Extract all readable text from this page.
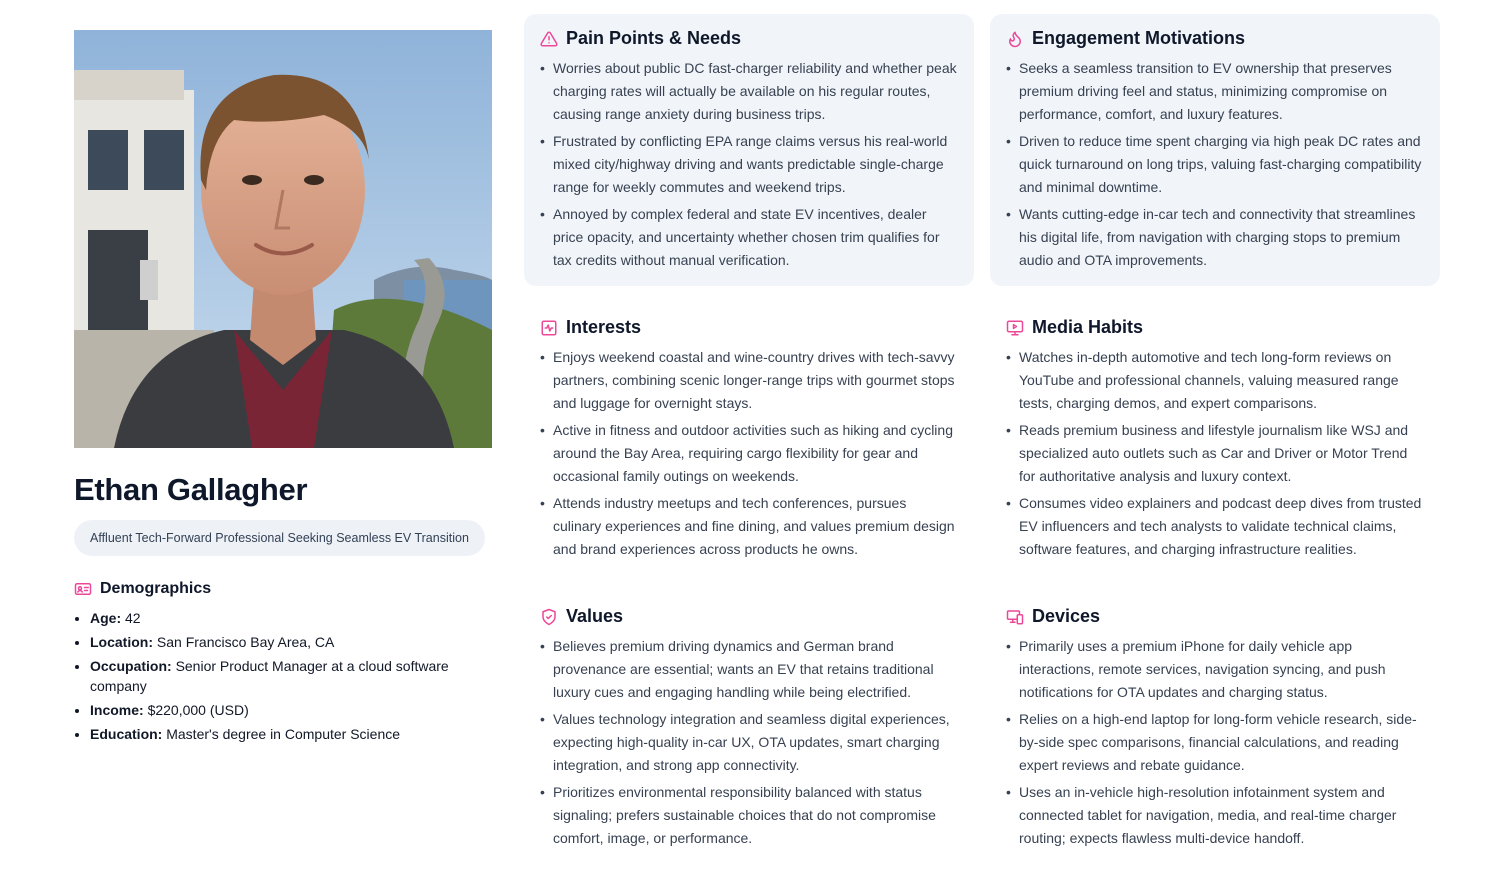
Ethan Gallagher
Affluent Tech-Forward Professional Seeking Seamless EV Transition
Demographics
• Age: 42
• Location: San Francisco Bay Area, CA
• Occupation: Senior Product Manager at a cloud software company
• Income: $220,000 (USD)
• Education: Master's degree in Computer Science
Pain Points & Needs
• Worries about public DC fast-charger reliability and whether peak charging rates will actually be available on his regular routes, causing range anxiety during business trips.
• Frustrated by conflicting EPA range claims versus his real-world mixed city/highway driving and wants predictable single-charge range for weekly commutes and weekend trips.
• Annoyed by complex federal and state EV incentives, dealer price opacity, and uncertainty whether chosen trim qualifies for tax credits without manual verification.
Engagement Motivations
• Seeks a seamless transition to EV ownership that preserves premium driving feel and status, minimizing compromise on performance, comfort, and luxury features.
• Driven to reduce time spent charging via high peak DC rates and quick turnaround on long trips, valuing fast-charging compatibility and minimal downtime.
• Wants cutting-edge in-car tech and connectivity that streamlines his digital life, from navigation with charging stops to premium audio and OTA improvements.
Interests
• Enjoys weekend coastal and wine-country drives with tech-savvy partners, combining scenic longer-range trips with gourmet stops and luggage for overnight stays.
• Active in fitness and outdoor activities such as hiking and cycling around the Bay Area, requiring cargo flexibility for gear and occasional family outings on weekends.
• Attends industry meetups and tech conferences, pursues culinary experiences and fine dining, and values premium design and brand experiences across products he owns.
Media Habits
• Watches in-depth automotive and tech long-form reviews on YouTube and professional channels, valuing measured range tests, charging demos, and expert comparisons.
• Reads premium business and lifestyle journalism like WSJ and specialized auto outlets such as Car and Driver or Motor Trend for authoritative analysis and luxury context.
• Consumes video explainers and podcast deep dives from trusted EV influencers and tech analysts to validate technical claims, software features, and charging infrastructure realities.
Values
• Believes premium driving dynamics and German brand provenance are essential; wants an EV that retains traditional luxury cues and engaging handling while being electrified.
• Values technology integration and seamless digital experiences, expecting high-quality in-car UX, OTA updates, smart charging integration, and strong app connectivity.
• Prioritizes environmental responsibility balanced with status signaling; prefers sustainable choices that do not compromise comfort, image, or performance.
Devices
• Primarily uses a premium iPhone for daily vehicle app interactions, remote services, navigation syncing, and push notifications for OTA updates and charging status.
• Relies on a high-end laptop for long-form vehicle research, side-by-side spec comparisons, financial calculations, and reading expert reviews and rebate guidance.
• Uses an in-vehicle high-resolution infotainment system and connected tablet for navigation, media, and real-time charger routing; expects flawless multi-device handoff.
